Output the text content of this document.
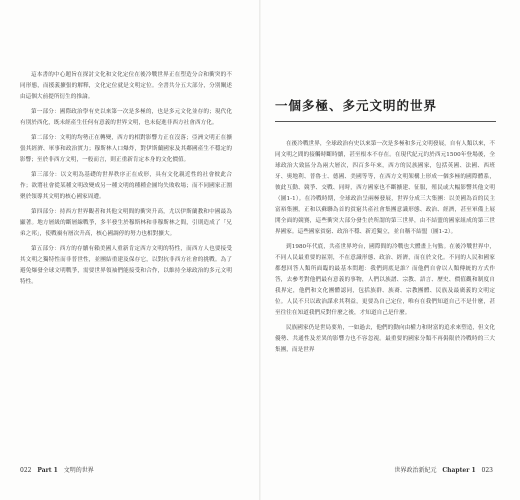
這本書的中心題旨在探討文化和文化定位在後冷戰世界正在塑造分合和衝突的不同形態，而援義擴張的解釋，文化定位就是文明定位。全書共分五大部分，分別闡述由這個大前提所衍生的推論。

第一部分：國際政治學有史以來第一次是多極的，也是多元文化並存的；現代化有別於西化，既未經產生任何有意義的世界文明，也未促進非西方社會西方化。

第二部分：文明的均勢正在轉變，西方的相對影響力正在沒落；亞洲文明正在擴張其經濟、軍事和政治實力；穆斯林人口爆炸，對伊斯蘭國家及其鄰國產生不穩定的影響；至於非西方文明，一般而言，則正重新肯定本身的文化價值。

第三部分：以文明為基礎的世界秩序正在成形，具有文化親近性的社會彼此合作；欲將社會從某種文明改變成另一種文明的種種企圖均失敗收場；而不同國家正圍聚於領導其文明的核心國家周遭。

第四部分：持西方世界觀者和其他文明間的衝突升高，尤以伊斯蘭教和中國最為顯著。地方層級的斷層線戰爭，多半發生於穆斯林和非穆斯林之間，引則造成了「兄弟之邦」，使戰禍有層次升高，核心國調停的努力也相對擴大。

第五部分：西方的存續有賴美國人重新肯定西方文明的特性，而西方人也要接受其文明之獨特性而非普世性，並團結重建及保存它，以對抗非西方社會的挑戰。為了避免爆發全球文明戰爭，需要世界領袖們能接受和合作，以維持全球政治的多元文明特性。

022 Part 1 文明的世界
一個多極、多元文明的世界

在後冷戰世界，全球政治有史以來第一次是多極和多元文明發展，自有人類以來，不同文明之間的接觸時斷時續，甚至根本不存在。在現代紀元約於西元1500年登場後，全球政治大致區分為兩大層次，四百多年來，西方的民族國家，包括英國、法國、西班牙、奧地利、普魯士、德國、美國等等，在西方文明架構上形成一個多極的國際體系，彼此互動、競爭、交戰、同時，西方國家也不斷擴建、征服，殖民或大幅影響其他文明（圖1-1）。在冷戰時期，全球政治呈兩極發展，世界分成三大集團：以美國為首的民主富裕集團，正和以蘇聯為首的貧窮共產社會集團意識形態、政治、經濟，甚至軍備上展開全面的競賽，這些衝突大部分發生於所謂的第三世界，由不結盟的國家組成的第三世界國家。這些國家貧窮、政治不穩、新近獨立，並自稱不結盟（圖1-2）。

到1980年代底，共產世界垮台，國際間的冷戰也大體畫上句點。在後冷戰世界中，不同人民最重要的區別，不在意識形態、政治、經濟，而在於文化。不同的人民和國家都想回答人類所面臨的最基本問題：我們到底是誰？而他們自會以人類傳統的方式作答，去參考對他們最有意義的事物，人們以族譜、宗教、語言、歷史、價值觀和制度自我界定，他們和文化團體認同，包括族群、族裔、宗教團體、民族及最廣義的文明定位。人民不只以政治謀求其利益，更要為自己定位，唯有在我們知道自己不是什麼，甚至往往在知道我們反對什麼之後，才知道自己是什麼。

民族國家仍是世局要角，一如過去，他們的動向由權力和財富的追求來塑造，但文化優勢、共通性及差異的影響力也不容忽視。最重要的國家分類不再侷限於冷戰時的三大集團，而是世界

世界政治新紀元 Chapter 1 023
